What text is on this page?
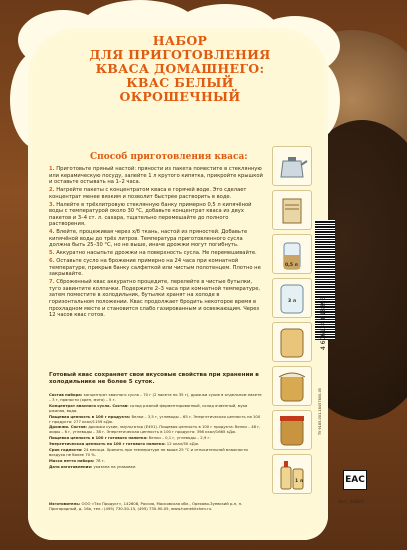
НАБОР
ДЛЯ ПРИГОТОВЛЕНИЯ
КВАСА ДОМАШНЕГО:
КВАС БЕЛЫЙ
ОКРОШЕЧНЫЙ
Способ приготовления кваса:

1. Приготовьте пряный настой: пряности из пакета поместите в стеклянную или керамическую посуду, залейте 1 л крутого кипятка, прикройте крышкой и оставьте остывать на 1–2 часа.

2. Нагрейте пакеты с концентратом кваса в горячей воде. Это сделает концентрат менее вязким и позволит быстрее растворить в воде.

3. Налейте в трёхлитровую стеклянную банку примерно 0,5 л кипячёной воды с температурой около 30 °С, добавьте концентрат кваса из двух пакетов и 3–4 ст. л. сахара, тщательно перемешайте до полного растворения.

4. Влейте, процеживая через х/б ткань, настой из пряностей. Добавьте кипячёной воды до трёх литров. Температура приготовленного сусла должна быть 25–30 °С, но не выше, иначе дрожжи могут погибнуть.

5. Аккуратно насыпьте дрожжи на поверхность сусла. Не перемешивайте.

6. Оставьте сусло на брожение примерно на 24 часа при комнатной температуре, прикрыв банку салфеткой или чистым полотенцем. Плотно не закрывайте.

7. Сброженный квас аккуратно процедите, перелейте в чистые бутылки, туго завинтите колпачки. Подержите 2–3 часа при комнатной температуре, затем поместите в холодильник, бутылки хранят на холоде в горизонтальном положении. Квас продолжает бродить некоторое время в прохладном месте и становится слабо газированным и освежающим. Через 12 часов квас готов.

Готовый квас сохраняет свои вкусовые свойства при хранении в холодильнике не более 5 суток.

Состав набора: концентрат квасного сусла – 70 г (2 пакета по 35 г), дрожжи сухие в отдельном пакете – 3 г, пряности (хрен, мята) – 5 г.

Концентрат квасного сусла. Состав: солод ржаной ферментированный, солод ячменный, мука ржаная, вода.

Пищевая ценность в 100 г продукта: белки – 3,5 г, углеводы – 65 г. Энергетическая ценность на 100 г продукта: 277 ккал/1159 кДж.

Дрожжи. Состав: дрожжи сухие, эмульгатор (Е491). Пищевая ценность в 100 г продукта: белки – 48 г, жиры – 6 г, углеводы – 38 г. Энергетическая ценность в 100 г продукта: 398 ккал/1665 кДж.

Пищевая ценность в 100 г готового напитка: белки – 0,1 г, углеводы – 2,9 г.

Энергетическая ценность на 100 г готового напитка: 12 ккал/50 кДж.

Срок годности: 24 месяца. Хранить при температуре не выше 25 °С и относительной влажности воздуха не более 70 %.

Масса нетто набора: 78 г.

Дата изготовления: указана на упаковке.

Изготовитель: ООО «Тэя Продукт», 142608, Россия, Московская обл., Орехово-Зуевский р-н, п. Пригородный, д. 16а, тел.: (495) 730-50-15, (495) 730-90-05, www.homekitchen.ru.
0,5 л
3 л
1 л
4 606134 018896
ТУ 9185-001-18457800-05
ЕАС
Арт. 34885
